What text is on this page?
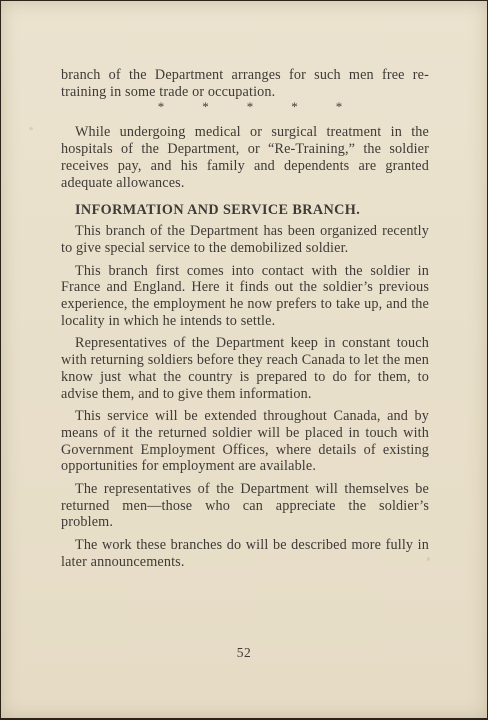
branch of the Department arranges for such men free re-training in some trade or occupation.

*	*	*	*	*

While undergoing medical or surgical treatment in the hospitals of the Department, or “Re-Training,” the soldier receives pay, and his family and dependents are granted adequate allowances.

INFORMATION AND SERVICE BRANCH.

This branch of the Department has been organized recently to give special service to the demobilized soldier.

This branch first comes into contact with the soldier in France and England. Here it finds out the soldier’s previous experience, the employment he now prefers to take up, and the locality in which he intends to settle.

Representatives of the Department keep in constant touch with returning soldiers before they reach Canada to let the men know just what the country is prepared to do for them, to advise them, and to give them information.

This service will be extended throughout Canada, and by means of it the returned soldier will be placed in touch with Government Employment Offices, where details of existing opportunities for employment are available.

The representatives of the Department will themselves be returned men—those who can appreciate the soldier’s problem.

The work these branches do will be described more fully in later announcements.

52
